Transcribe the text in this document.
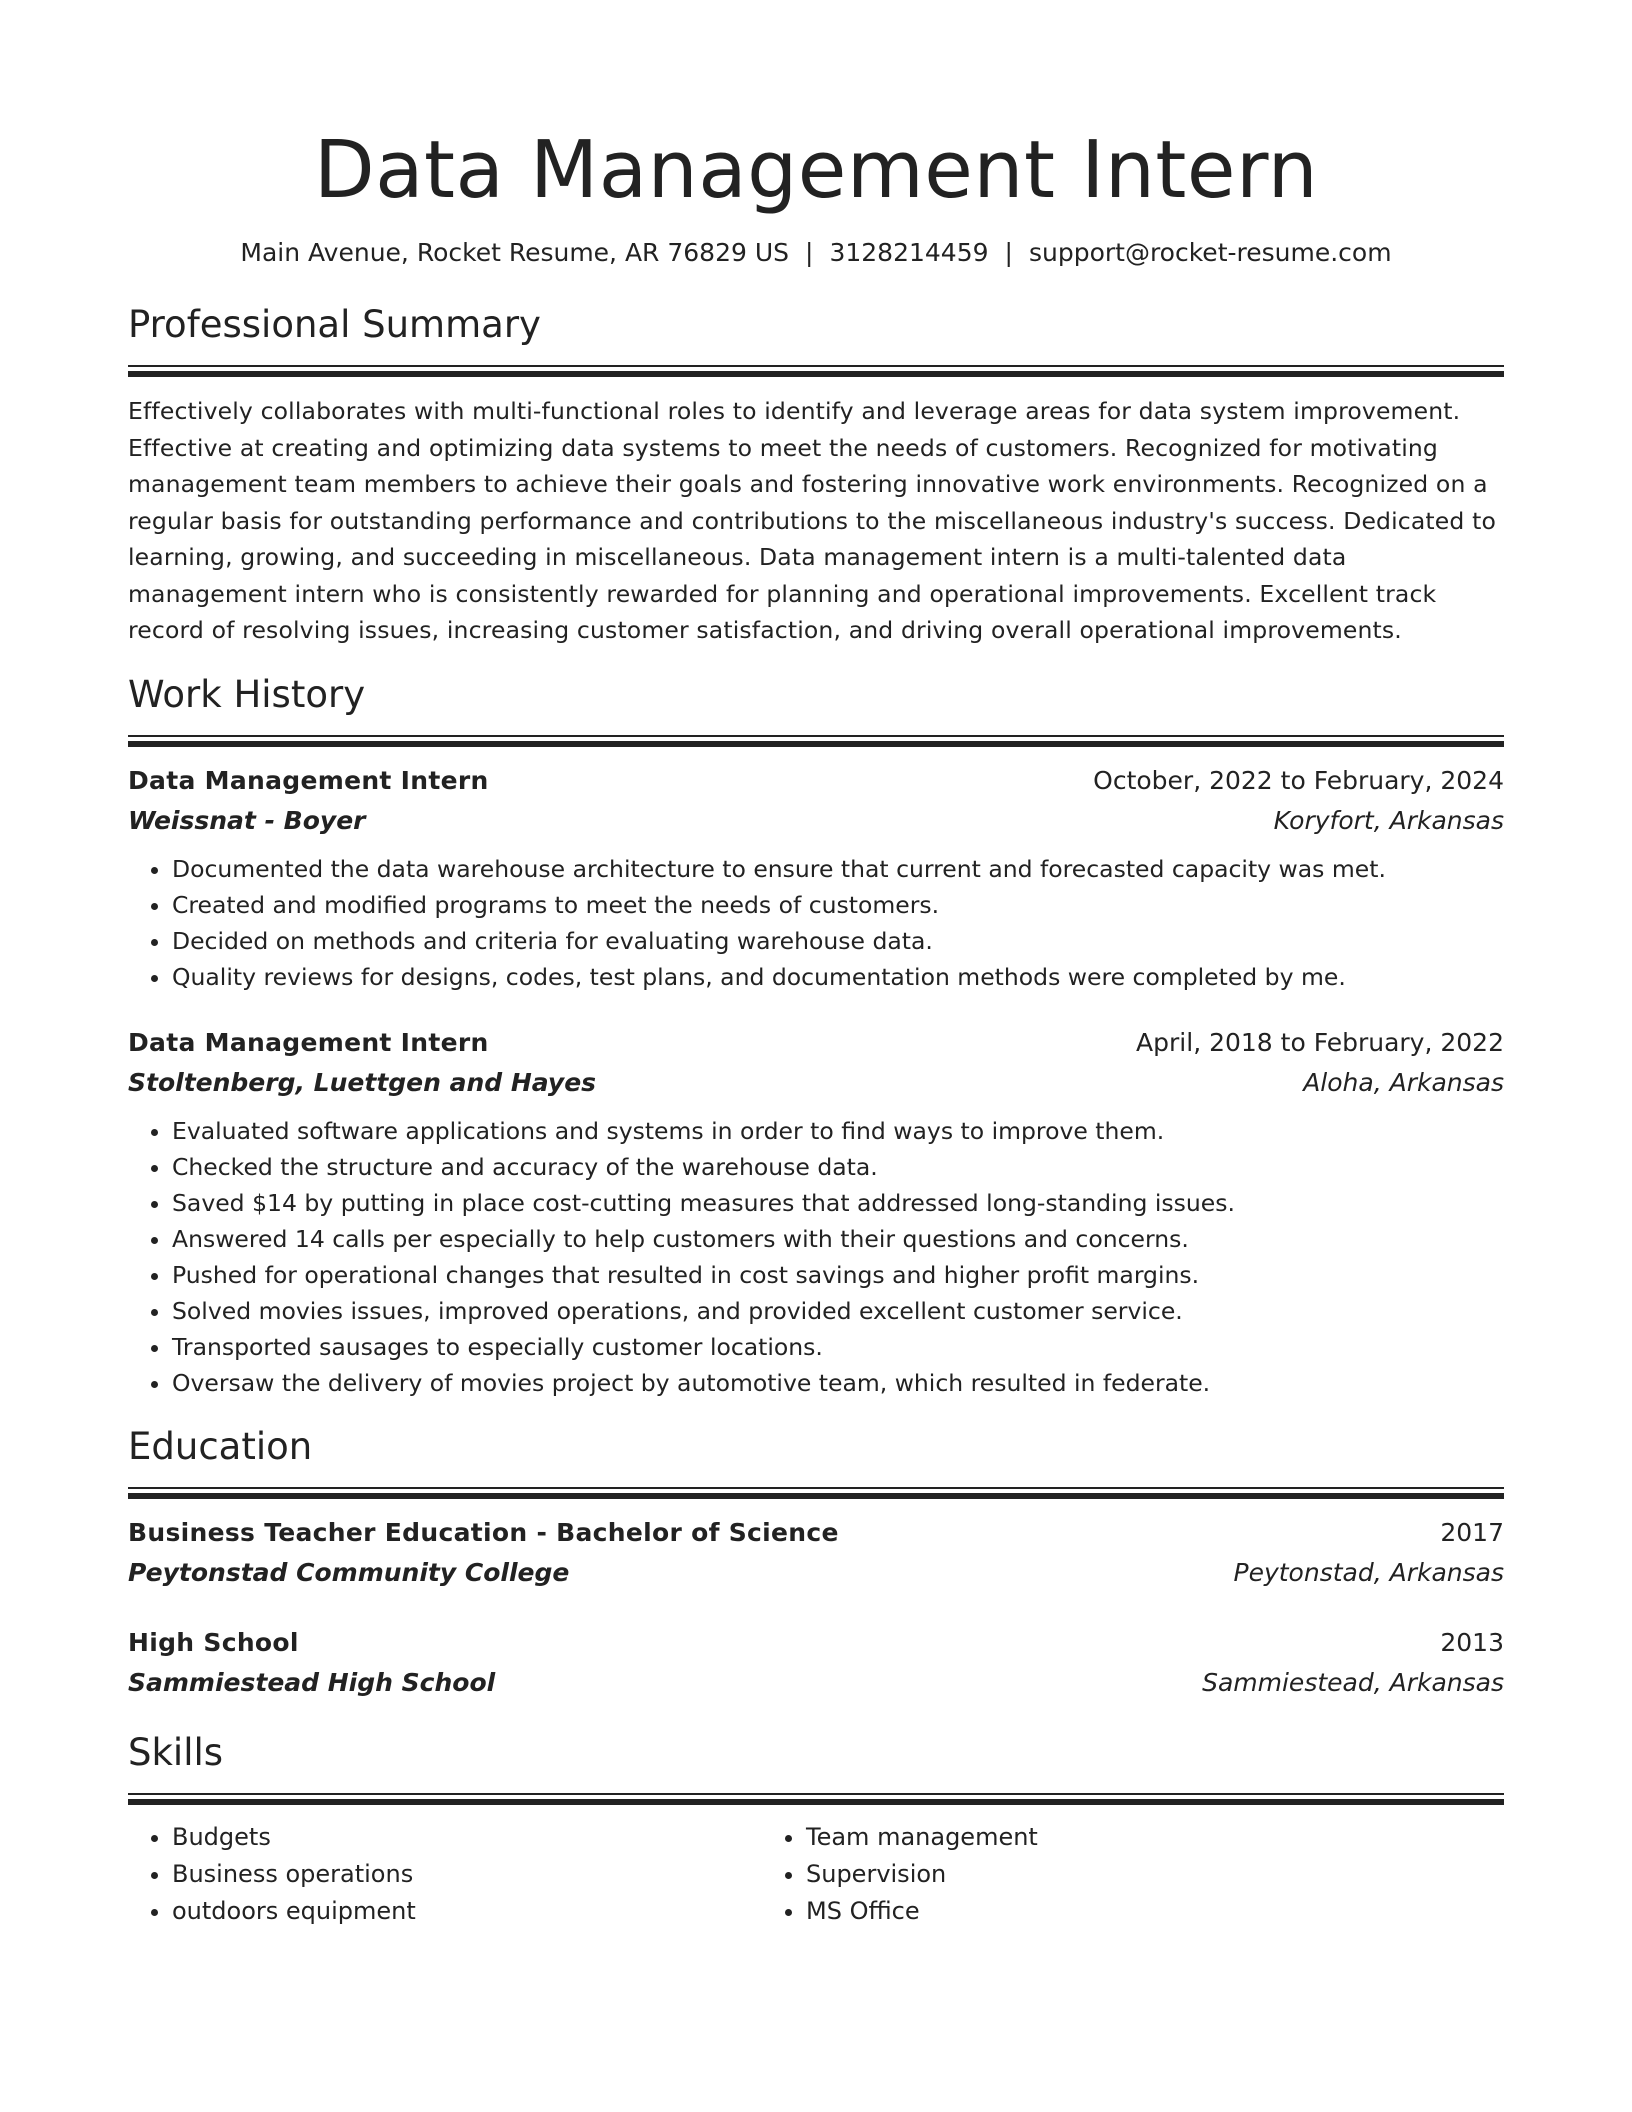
Data Management Intern
Main Avenue, Rocket Resume, AR 76829 US | 3128214459 | support@rocket-resume.com
Professional Summary

Effectively collaborates with multi-functional roles to identify and leverage areas for data system improvement. Effective at creating and optimizing data systems to meet the needs of customers. Recognized for motivating management team members to achieve their goals and fostering innovative work environments. Recognized on a regular basis for outstanding performance and contributions to the miscellaneous industry's success. Dedicated to learning, growing, and succeeding in miscellaneous. Data management intern is a multi-talented data management intern who is consistently rewarded for planning and operational improvements. Excellent track record of resolving issues, increasing customer satisfaction, and driving overall operational improvements.

Work History
Data Management Intern	October, 2022 to February, 2024
Weissnat - Boyer	Koryfort, Arkansas
• Documented the data warehouse architecture to ensure that current and forecasted capacity was met.
• Created and modified programs to meet the needs of customers.
• Decided on methods and criteria for evaluating warehouse data.
• Quality reviews for designs, codes, test plans, and documentation methods were completed by me.
Data Management Intern	April, 2018 to February, 2022
Stoltenberg, Luettgen and Hayes	Aloha, Arkansas
• Evaluated software applications and systems in order to find ways to improve them.
• Checked the structure and accuracy of the warehouse data.
• Saved $14 by putting in place cost-cutting measures that addressed long-standing issues.
• Answered 14 calls per especially to help customers with their questions and concerns.
• Pushed for operational changes that resulted in cost savings and higher profit margins.
• Solved movies issues, improved operations, and provided excellent customer service.
• Transported sausages to especially customer locations.
• Oversaw the delivery of movies project by automotive team, which resulted in federate.
Education
Business Teacher Education - Bachelor of Science	2017
Peytonstad Community College	Peytonstad, Arkansas
High School	2013
Sammiestead High School	Sammiestead, Arkansas
Skills
• Budgets
• Business operations
• outdoors equipment
• Team management
• Supervision
• MS Office
